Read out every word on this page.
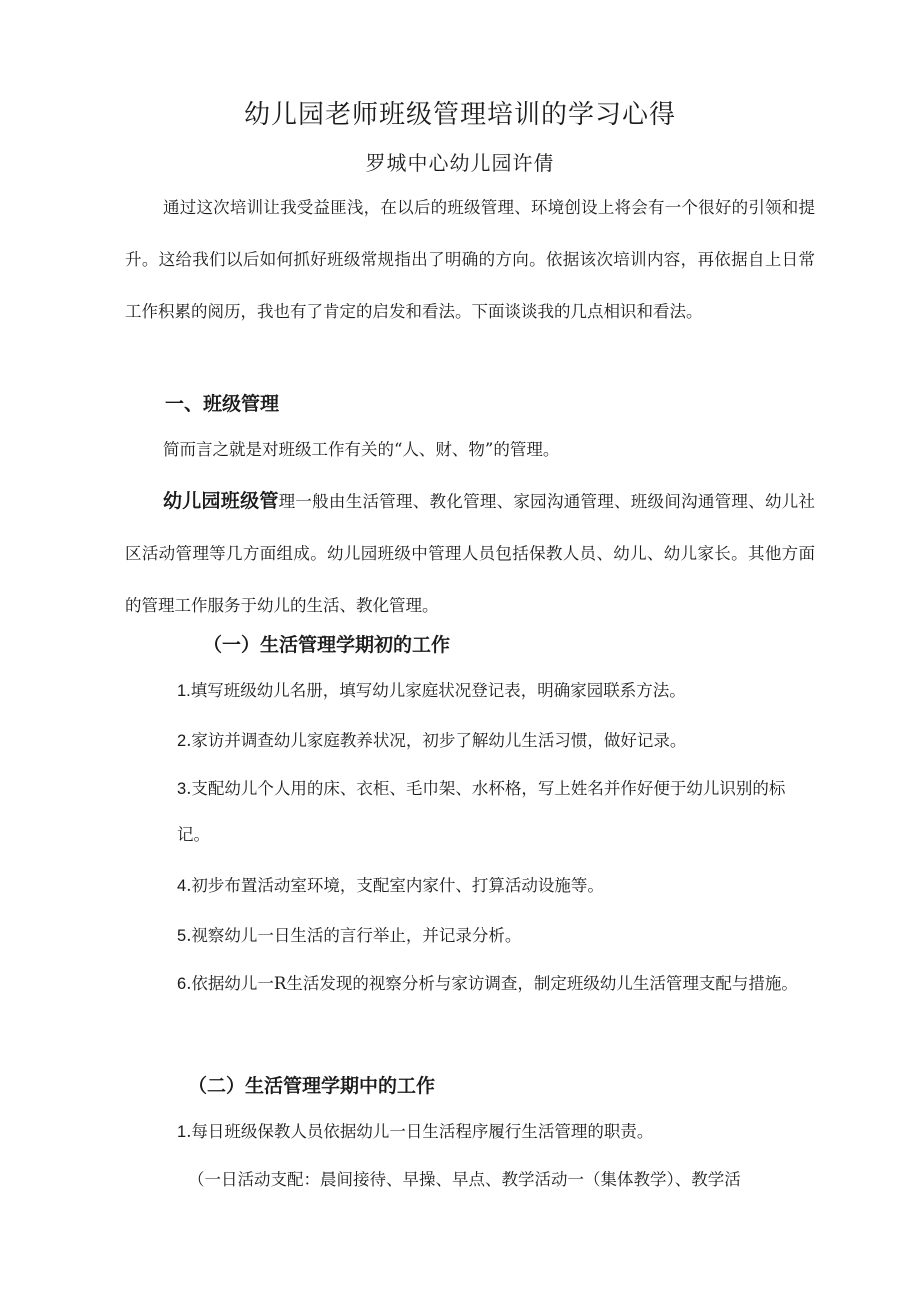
幼儿园老师班级管理培训的学习心得
罗城中心幼儿园许倩
通过这次培训让我受益匪浅，在以后的班级管理、环境创设上将会有一个很好的引领和提升。这给我们以后如何抓好班级常规指出了明确的方向。依据该次培训内容，再依据自上日常工作积累的阅历，我也有了肯定的启发和看法。下面谈谈我的几点相识和看法。
一、班级管理
简而言之就是对班级工作有关的“人、财、物”的管理。
幼儿园班级管理一般由生活管理、教化管理、家园沟通管理、班级间沟通管理、幼儿社区活动管理等几方面组成。幼儿园班级中管理人员包括保教人员、幼儿、幼儿家长。其他方面的管理工作服务于幼儿的生活、教化管理。
（一）生活管理学期初的工作
1.填写班级幼儿名册，填写幼儿家庭状况登记表，明确家园联系方法。
2.家访并调查幼儿家庭教养状况，初步了解幼儿生活习惯，做好记录。
3.支配幼儿个人用的床、衣柜、毛巾架、水杯格，写上姓名并作好便于幼儿识别的标记。
4.初步布置活动室环境，支配室内家什、打算活动设施等。
5.视察幼儿一日生活的言行举止，并记录分析。
6.依据幼儿一R生活发现的视察分析与家访调查，制定班级幼儿生活管理支配与措施。
（二）生活管理学期中的工作
1.每日班级保教人员依据幼儿一日生活程序履行生活管理的职责。
（一日活动支配：晨间接待、早操、早点、教学活动一（集体教学）、教学活
